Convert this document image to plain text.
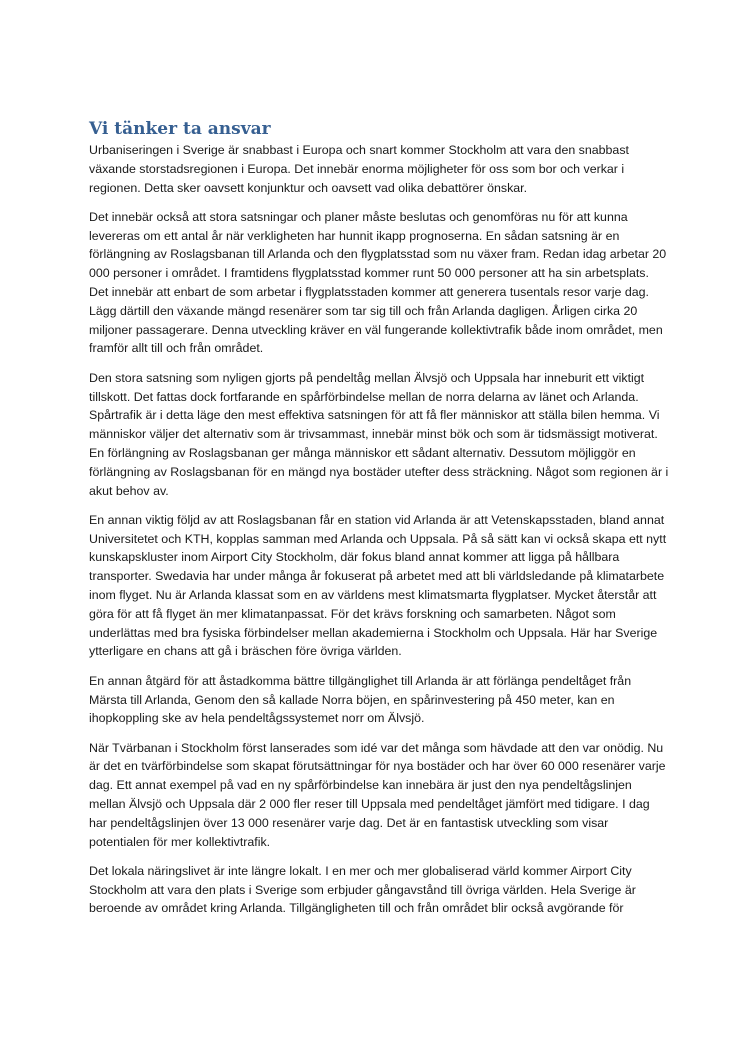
Vi tänker ta ansvar

Urbaniseringen i Sverige är snabbast i Europa och snart kommer Stockholm att vara den snabbast växande storstadsregionen i Europa. Det innebär enorma möjligheter för oss som bor och verkar i regionen. Detta sker oavsett konjunktur och oavsett vad olika debattörer önskar.

Det innebär också att stora satsningar och planer måste beslutas och genomföras nu för att kunna levereras om ett antal år när verkligheten har hunnit ikapp prognoserna. En sådan satsning är en förlängning av Roslagsbanan till Arlanda och den flygplatsstad som nu växer fram. Redan idag arbetar 20 000 personer i området. I framtidens flygplatsstad kommer runt 50 000 personer att ha sin arbetsplats. Det innebär att enbart de som arbetar i flygplatsstaden kommer att generera tusentals resor varje dag. Lägg därtill den växande mängd resenärer som tar sig till och från Arlanda dagligen. Årligen cirka 20 miljoner passagerare. Denna utveckling kräver en väl fungerande kollektivtrafik både inom området, men framför allt till och från området.

Den stora satsning som nyligen gjorts på pendeltåg mellan Älvsjö och Uppsala har inneburit ett viktigt tillskott. Det fattas dock fortfarande en spårförbindelse mellan de norra delarna av länet och Arlanda. Spårtrafik är i detta läge den mest effektiva satsningen för att få fler människor att ställa bilen hemma. Vi människor väljer det alternativ som är trivsammast, innebär minst bök och som är tidsmässigt motiverat. En förlängning av Roslagsbanan ger många människor ett sådant alternativ. Dessutom möjliggör en förlängning av Roslagsbanan för en mängd nya bostäder utefter dess sträckning. Något som regionen är i akut behov av.

En annan viktig följd av att Roslagsbanan får en station vid Arlanda är att Vetenskapsstaden, bland annat Universitetet och KTH, kopplas samman med Arlanda och Uppsala. På så sätt kan vi också skapa ett nytt kunskapskluster inom Airport City Stockholm, där fokus bland annat kommer att ligga på hållbara transporter. Swedavia har under många år fokuserat på arbetet med att bli världsledande på klimatarbete inom flyget. Nu är Arlanda klassat som en av världens mest klimatsmarta flygplatser. Mycket återstår att göra för att få flyget än mer klimatanpassat. För det krävs forskning och samarbeten. Något som underlättas med bra fysiska förbindelser mellan akademierna i Stockholm och Uppsala. Här har Sverige ytterligare en chans att gå i bräschen före övriga världen.

En annan åtgärd för att åstadkomma bättre tillgänglighet till Arlanda är att förlänga pendeltåget från Märsta till Arlanda, Genom den så kallade Norra böjen, en spårinvestering på 450 meter, kan en ihopkoppling ske av hela pendeltågssystemet norr om Älvsjö.

När Tvärbanan i Stockholm först lanserades som idé var det många som hävdade att den var onödig. Nu är det en tvärförbindelse som skapat förutsättningar för nya bostäder och har över 60 000 resenärer varje dag. Ett annat exempel på vad en ny spårförbindelse kan innebära är just den nya pendeltågslinjen mellan Älvsjö och Uppsala där 2 000 fler reser till Uppsala med pendeltåget jämfört med tidigare. I dag har pendeltågslinjen över 13 000 resenärer varje dag. Det är en fantastisk utveckling som visar potentialen för mer kollektivtrafik.

Det lokala näringslivet är inte längre lokalt. I en mer och mer globaliserad värld kommer Airport City Stockholm att vara den plats i Sverige som erbjuder gångavstånd till övriga världen. Hela Sverige är beroende av området kring Arlanda. Tillgängligheten till och från området blir också avgörande för
